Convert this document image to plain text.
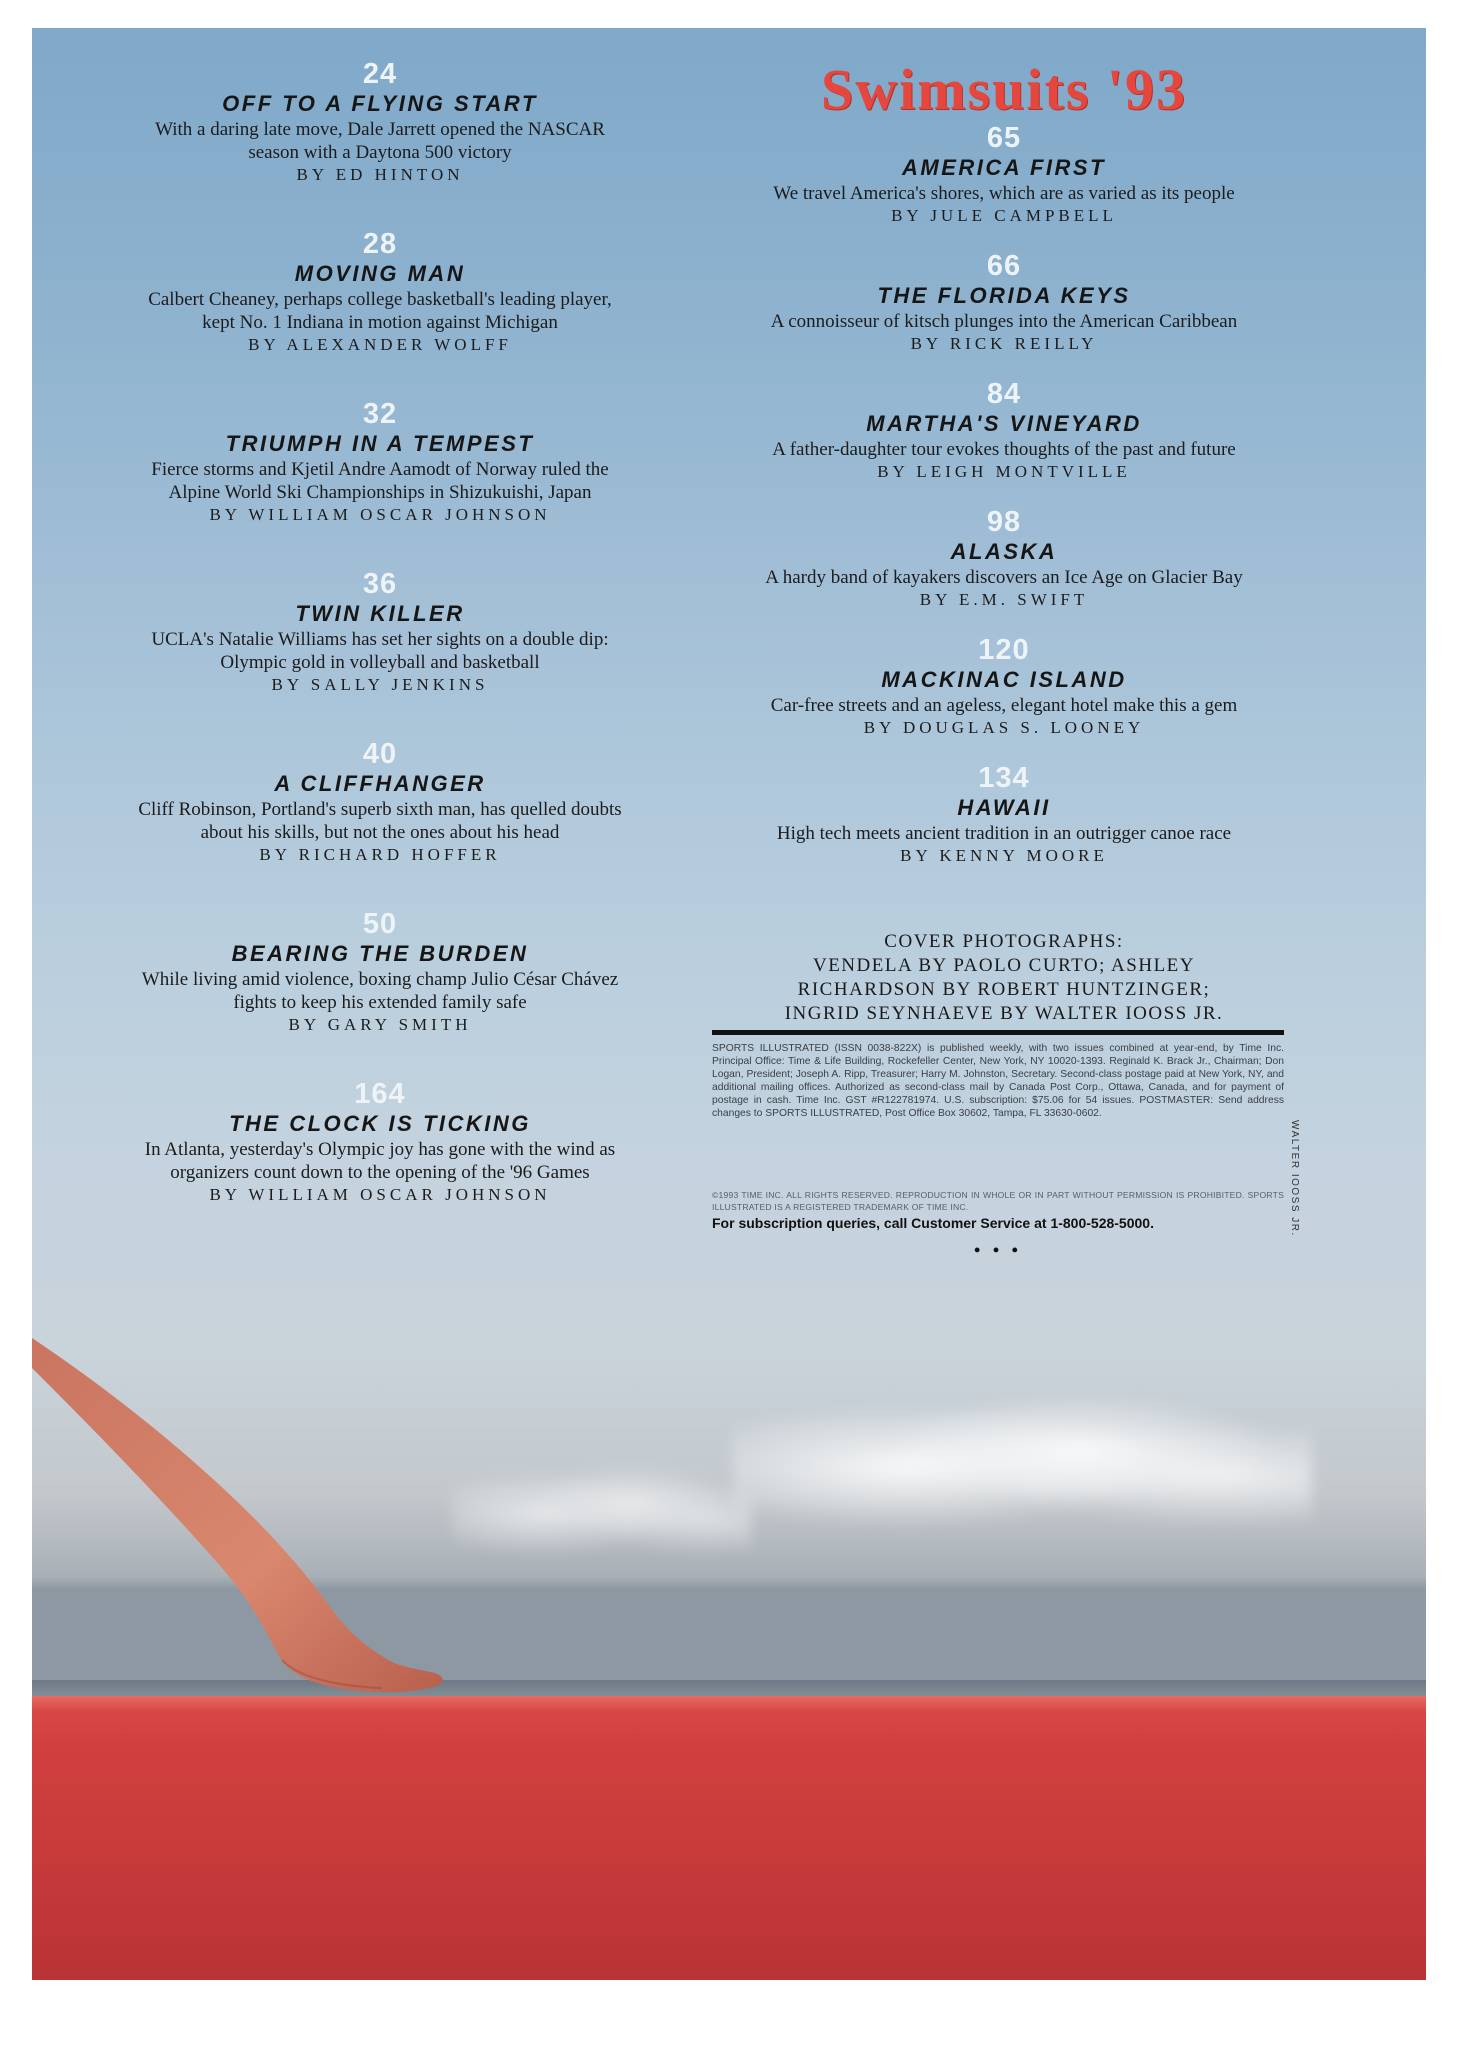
24
OFF TO A FLYING START
With a daring late move, Dale Jarrett opened the NASCAR
season with a Daytona 500 victory
BY ED HINTON
28
MOVING MAN
Calbert Cheaney, perhaps college basketball's leading player,
kept No. 1 Indiana in motion against Michigan
BY ALEXANDER WOLFF
32
TRIUMPH IN A TEMPEST
Fierce storms and Kjetil Andre Aamodt of Norway ruled the
Alpine World Ski Championships in Shizukuishi, Japan
BY WILLIAM OSCAR JOHNSON
36
TWIN KILLER
UCLA's Natalie Williams has set her sights on a double dip:
Olympic gold in volleyball and basketball
BY SALLY JENKINS
40
A CLIFFHANGER
Cliff Robinson, Portland's superb sixth man, has quelled doubts
about his skills, but not the ones about his head
BY RICHARD HOFFER
50
BEARING THE BURDEN
While living amid violence, boxing champ Julio César Chávez
fights to keep his extended family safe
BY GARY SMITH
164
THE CLOCK IS TICKING
In Atlanta, yesterday's Olympic joy has gone with the wind as
organizers count down to the opening of the '96 Games
BY WILLIAM OSCAR JOHNSON
Swimsuits '93
65
AMERICA FIRST
We travel America's shores, which are as varied as its people
BY JULE CAMPBELL
66
THE FLORIDA KEYS
A connoisseur of kitsch plunges into the American Caribbean
BY RICK REILLY
84
MARTHA'S VINEYARD
A father-daughter tour evokes thoughts of the past and future
BY LEIGH MONTVILLE
98
ALASKA
A hardy band of kayakers discovers an Ice Age on Glacier Bay
BY E.M. SWIFT
120
MACKINAC ISLAND
Car-free streets and an ageless, elegant hotel make this a gem
BY DOUGLAS S. LOONEY
134
HAWAII
High tech meets ancient tradition in an outrigger canoe race
BY KENNY MOORE
COVER PHOTOGRAPHS:
VENDELA BY PAOLO CURTO; ASHLEY
RICHARDSON BY ROBERT HUNTZINGER;
INGRID SEYNHAEVE BY WALTER IOOSS JR.
SPORTS ILLUSTRATED (ISSN 0038-822X) is published weekly, with two issues combined at year-end, by Time Inc. Principal Office: Time & Life Building, Rockefeller Center, New York, NY 10020-1393. Reginald K. Brack Jr., Chairman; Don Logan, President; Joseph A. Ripp, Treasurer; Harry M. Johnston, Secretary. Second-class postage paid at New York, NY, and additional mailing offices. Authorized as second-class mail by Canada Post Corp., Ottawa, Canada, and for payment of postage in cash. Time Inc. GST #R122781974. U.S. subscription: $75.06 for 54 issues. POSTMASTER: Send address changes to SPORTS ILLUSTRATED, Post Office Box 30602, Tampa, FL 33630-0602.
©1993 TIME INC. ALL RIGHTS RESERVED. REPRODUCTION IN WHOLE OR IN PART WITHOUT PERMISSION IS PROHIBITED. SPORTS ILLUSTRATED IS A REGISTERED TRADEMARK OF TIME INC.
For subscription queries, call Customer Service at 1-800-528-5000.
• • •
WALTER IOOSS JR.
